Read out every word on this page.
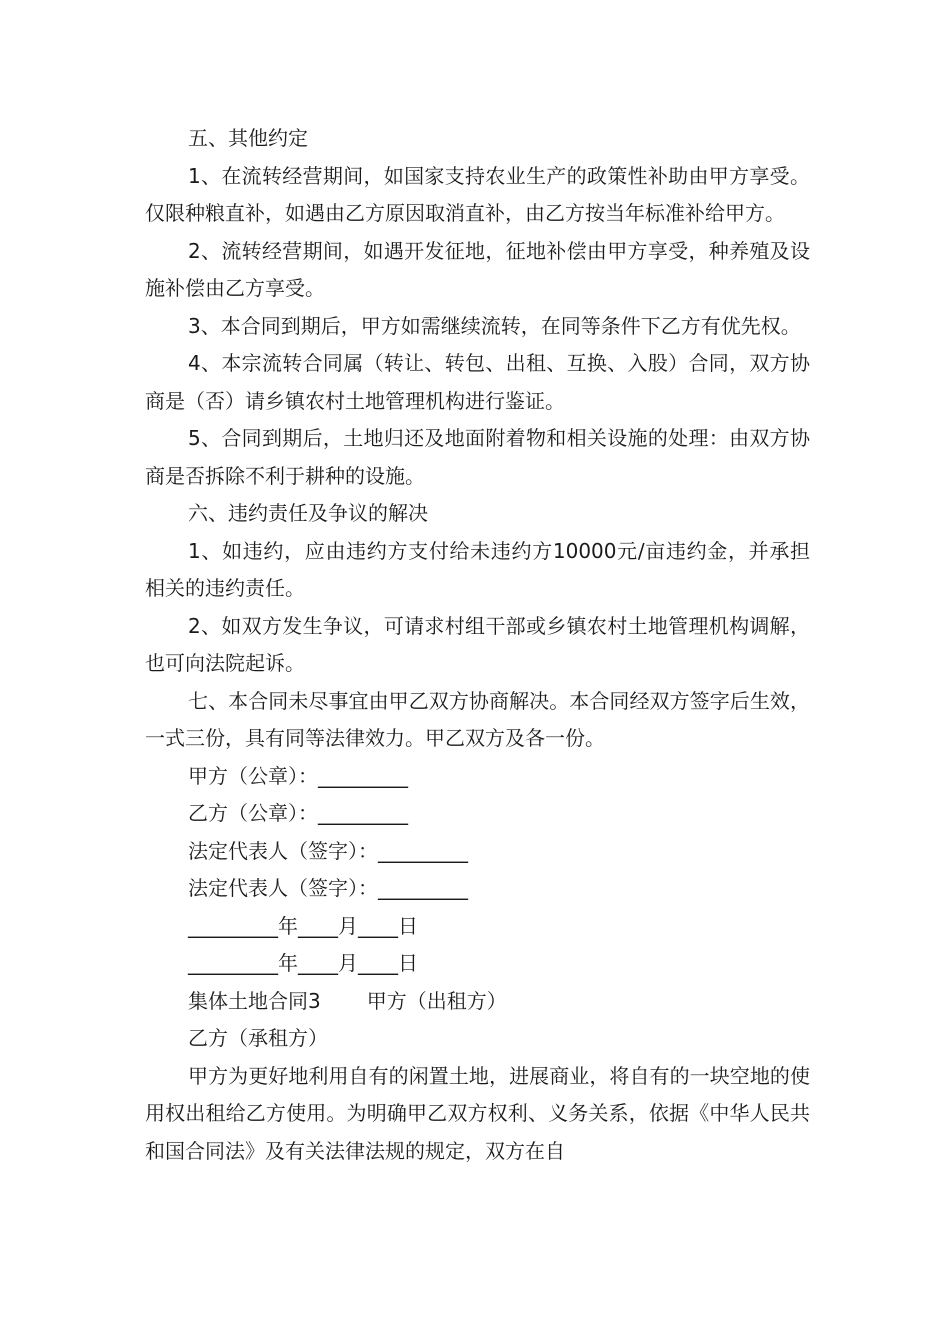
五、其他约定

1、在流转经营期间，如国家支持农业生产的政策性补助由甲方享受。仅限种粮直补，如遇由乙方原因取消直补，由乙方按当年标准补给甲方。

2、流转经营期间，如遇开发征地，征地补偿由甲方享受，种养殖及设施补偿由乙方享受。

3、本合同到期后，甲方如需继续流转，在同等条件下乙方有优先权。

4、本宗流转合同属（转让、转包、出租、互换、入股）合同，双方协商是（否）请乡镇农村土地管理机构进行鉴证。

5、合同到期后，土地归还及地面附着物和相关设施的处理：由双方协商是否拆除不利于耕种的设施。

六、违约责任及争议的解决

1、如违约，应由违约方支付给未违约方10000元/亩违约金，并承担相关的违约责任。

2、如双方发生争议，可请求村组干部或乡镇农村土地管理机构调解，也可向法院起诉。

七、本合同未尽事宜由甲乙双方协商解决。本合同经双方签字后生效，一式三份，具有同等法律效力。甲乙双方及各一份。

甲方（公章）：_________

乙方（公章）：_________

法定代表人（签字）：_________

法定代表人（签字）：_________

_________年____月____日

_________年____月____日

集体土地合同3 甲方（出租方）

乙方（承租方）

甲方为更好地利用自有的闲置土地，进展商业，将自有的一块空地的使用权出租给乙方使用。为明确甲乙双方权利、义务关系，依据《中华人民共和国合同法》及有关法律法规的规定，双方在自
